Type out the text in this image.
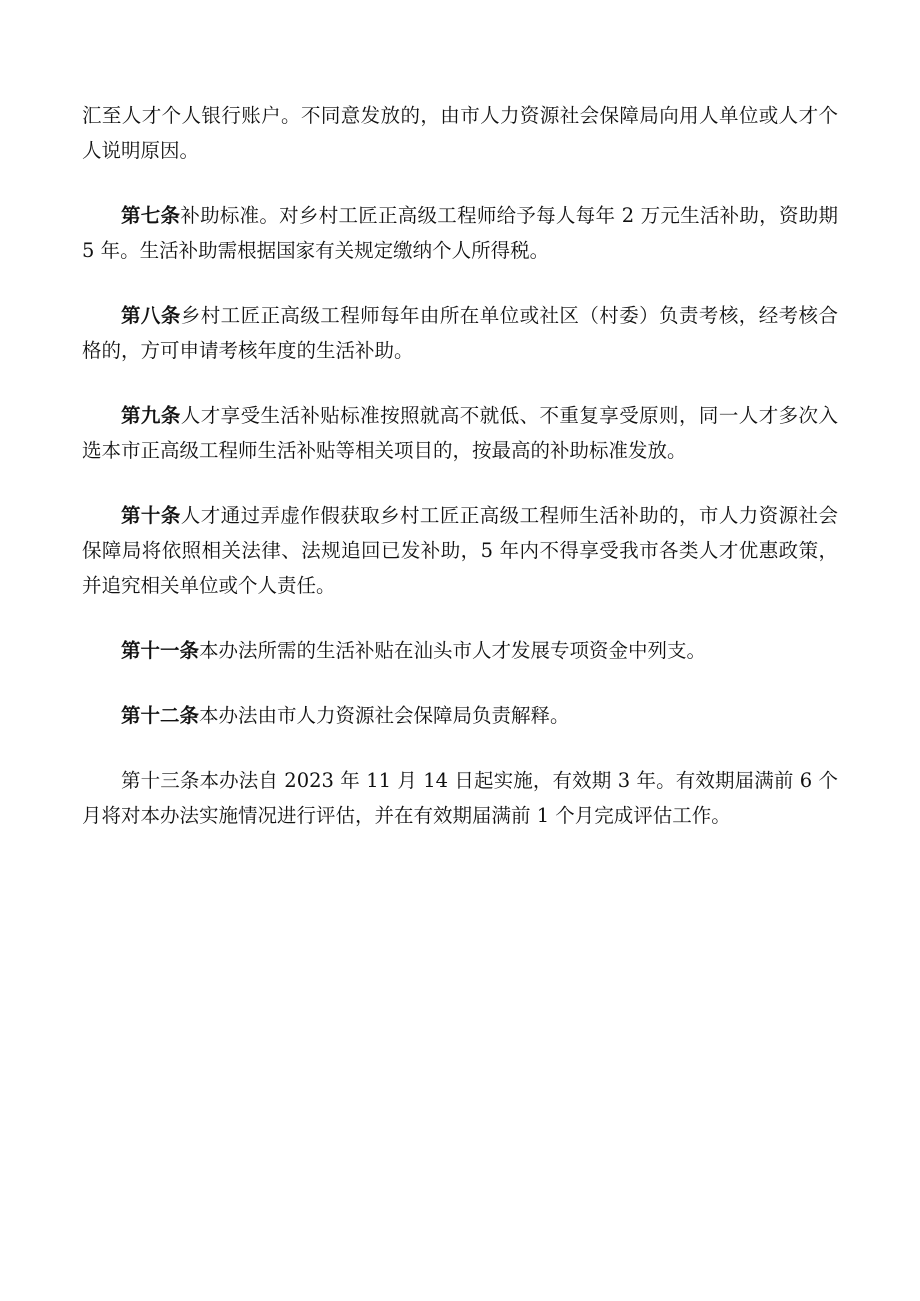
汇至人才个人银行账户。不同意发放的，由市人力资源社会保障局向用人单位或人才个人说明原因。

第七条补助标准。对乡村工匠正高级工程师给予每人每年 2 万元生活补助，资助期 5 年。生活补助需根据国家有关规定缴纳个人所得税。

第八条乡村工匠正高级工程师每年由所在单位或社区（村委）负责考核，经考核合格的，方可申请考核年度的生活补助。

第九条人才享受生活补贴标准按照就高不就低、不重复享受原则，同一人才多次入选本市正高级工程师生活补贴等相关项目的，按最高的补助标准发放。

第十条人才通过弄虚作假获取乡村工匠正高级工程师生活补助的，市人力资源社会保障局将依照相关法律、法规追回已发补助，5 年内不得享受我市各类人才优惠政策，并追究相关单位或个人责任。

第十一条本办法所需的生活补贴在汕头市人才发展专项资金中列支。

第十二条本办法由市人力资源社会保障局负责解释。

第十三条本办法自 2023 年 11 月 14 日起实施，有效期 3 年。有效期届满前 6 个月将对本办法实施情况进行评估，并在有效期届满前 1 个月完成评估工作。
